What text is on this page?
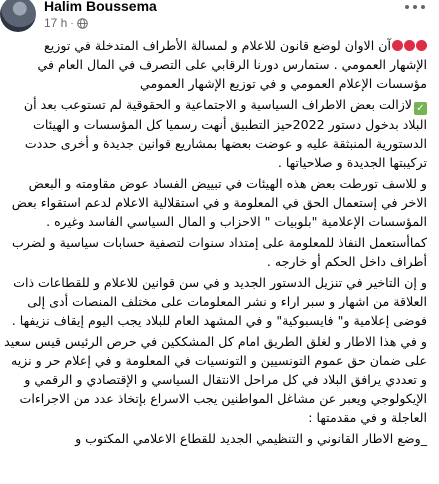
Halim Boussema
17 h ·

آن الاوان لوضع قانون للاعلام و لمسالة الأطراف المتدخلة في توزيع الإشهار العمومي . ستمارس دورنا الرقابي على التصرف في المال العام في مؤسسات الإعلام العمومي و في توزيع الإشهار العمومي

✓لازالت بعض الاطراف السياسية و الاجتماعية و الحقوقية لم تستوعب بعد أن البلاد بدخول دستور 2022حيز التطبيق أنهت رسميا كل المؤسسات و الهيئات الدستورية المنبثقة عليه و عوضت بعضها بمشاريع قوانين جديدة و أخرى حددت تركيبتها الجديدة و صلاحياتها .

و للاسف تورطت بعض هذه الهيئات في تبييض الفساد عوض مقاومته و البعض الاخر في إستعمال الحق في المعلومة و في استقلالية الاعلام لدعم استقواء بعض المؤسسات الإعلامية "بلوبيات " الاحزاب و المال السياسي الفاسد وغيره .

كماأستعمل النفاذ للمعلومة على إمتداد سنوات لتصفية حسابات سياسية و لضرب أطراف داخل الحكم أو خارجه .

و إن التاخير في تنزيل الدستور الجديد و في سن قوانين للاعلام و للقطاعات ذات العلاقة من اشهار و سبر اراء و نشر المعلومات على مختلف المنصات أدى إلى فوضى إعلامية و" فايسبوكية" و في المشهد العام للبلاد يجب اليوم إيقاف نزيفها .

و في هذا الاطار و لغلق الطريق امام كل المشككين في حرص الرئيس قيس سعيد على ضمان حق عموم التونسيين و التونسيات في المعلومة و في إعلام حر و نزيه و تعددي يرافق البلاد في كل مراحل الانتقال السياسي و الإقتصادي و الرقمي و الإيكولوجي ويعبر عن مشاغل المواطنين يجب الاسراع بإتخاذ عدد من الاجراءات العاجلة و في مقدمتها :

_وضع الاطار القانوني و التنظيمي الجديد للقطاع الاعلامي المكتوب و
